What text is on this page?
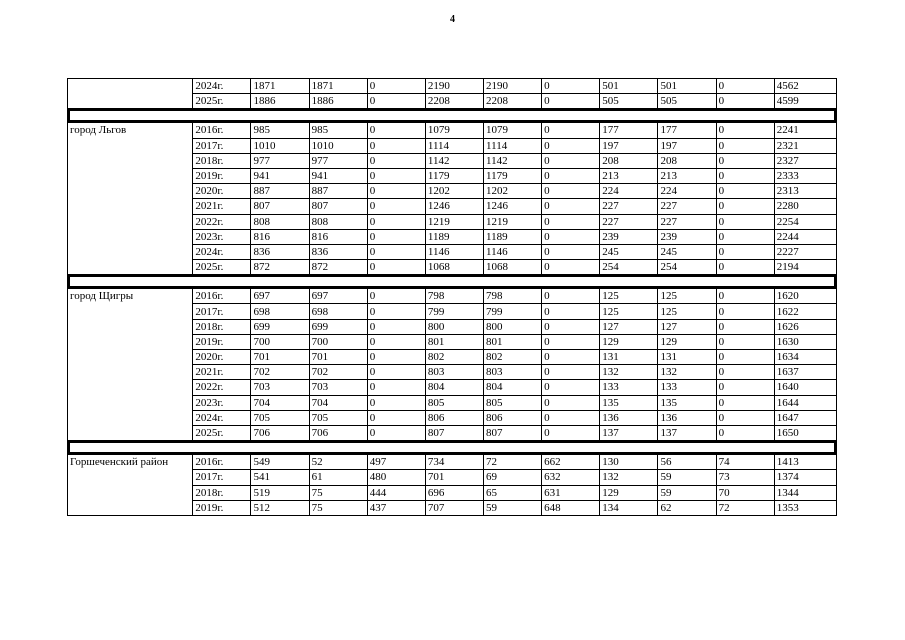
4
	2024г.	1871	1871	0	2190	2190	0	501	501	0	4562
	2025г.	1886	1886	0	2208	2208	0	505	505	0	4599

город Льгов	2016г.	985	985	0	1079	1079	0	177	177	0	2241
	2017г.	1010	1010	0	1114	1114	0	197	197	0	2321
	2018г.	977	977	0	1142	1142	0	208	208	0	2327
	2019г.	941	941	0	1179	1179	0	213	213	0	2333
	2020г.	887	887	0	1202	1202	0	224	224	0	2313
	2021г.	807	807	0	1246	1246	0	227	227	0	2280
	2022г.	808	808	0	1219	1219	0	227	227	0	2254
	2023г.	816	816	0	1189	1189	0	239	239	0	2244
	2024г.	836	836	0	1146	1146	0	245	245	0	2227
	2025г.	872	872	0	1068	1068	0	254	254	0	2194

город Щигры	2016г.	697	697	0	798	798	0	125	125	0	1620
	2017г.	698	698	0	799	799	0	125	125	0	1622
	2018г.	699	699	0	800	800	0	127	127	0	1626
	2019г.	700	700	0	801	801	0	129	129	0	1630
	2020г.	701	701	0	802	802	0	131	131	0	1634
	2021г.	702	702	0	803	803	0	132	132	0	1637
	2022г.	703	703	0	804	804	0	133	133	0	1640
	2023г.	704	704	0	805	805	0	135	135	0	1644
	2024г.	705	705	0	806	806	0	136	136	0	1647
	2025г.	706	706	0	807	807	0	137	137	0	1650

Горшеченский район	2016г.	549	52	497	734	72	662	130	56	74	1413
	2017г.	541	61	480	701	69	632	132	59	73	1374
	2018г.	519	75	444	696	65	631	129	59	70	1344
	2019г.	512	75	437	707	59	648	134	62	72	1353
